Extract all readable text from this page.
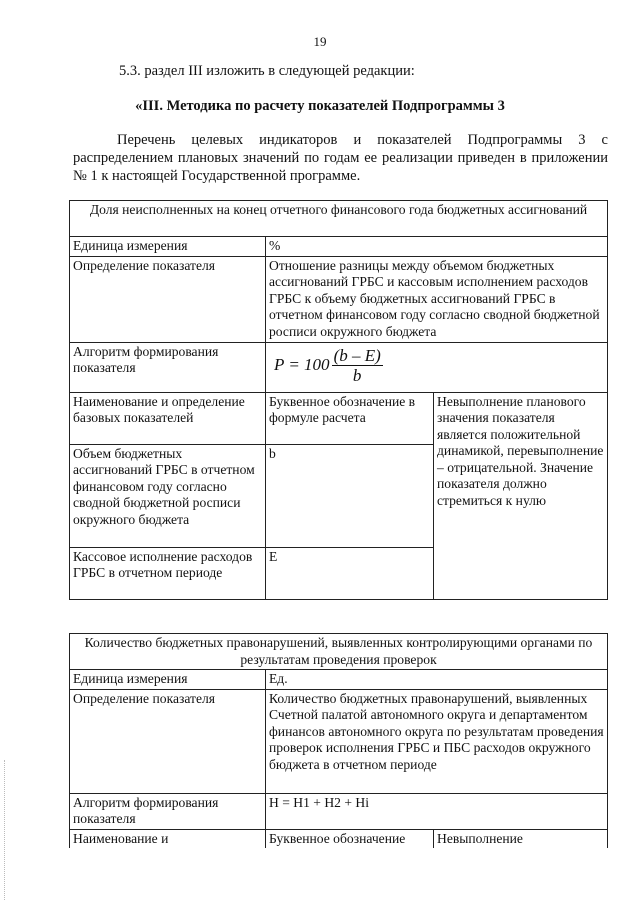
19
5.3. раздел III изложить в следующей редакции:
«III. Методика по расчету показателей Подпрограммы 3
Перечень целевых индикаторов и показателей Подпрограммы 3 с распределением плановых значений по годам ее реализации приведен в приложении № 1 к настоящей Государственной программе.
Доля неисполненных на конец отчетного финансового года бюджетных ассигнований		
Единица измерения	%	
Определение показателя	Отношение разницы между объемом бюджетных ассигнований ГРБС и кассовым исполнением расходов ГРБС к объему бюджетных ассигнований ГРБС в отчетном финансовом году согласно сводной бюджетной росписи окружного бюджета	
Алгоритм формирования показателя	$P = 100 \frac{(b - E)}{b}$

Наименование и определение базовых показателей	Буквенное обозначение в формуле расчета	Невыполнение планового значения показателя является положительной динамикой, перевыполнение – отрицательной. Значение показателя должно стремиться к нулю
Объем бюджетных ассигнований ГРБС в отчетном финансовом году согласно сводной бюджетной росписи окружного бюджета	b	
Кассовое исполнение расходов ГРБС в отчетном периоде	E	
Количество бюджетных правонарушений, выявленных контролирующими органами по результатам проведения проверок		
Единица измерения	Ед.	
Определение показателя	Количество бюджетных правонарушений, выявленных Счетной палатой автономного округа и департаментом финансов автономного округа по результатам проведения проверок исполнения ГРБС и ПБС расходов окружного бюджета в отчетном периоде	
Алгоритм формирования показателя	H = H1 + H2 + Hi	
Наименование и	Буквенное обозначение	Невыполнение
